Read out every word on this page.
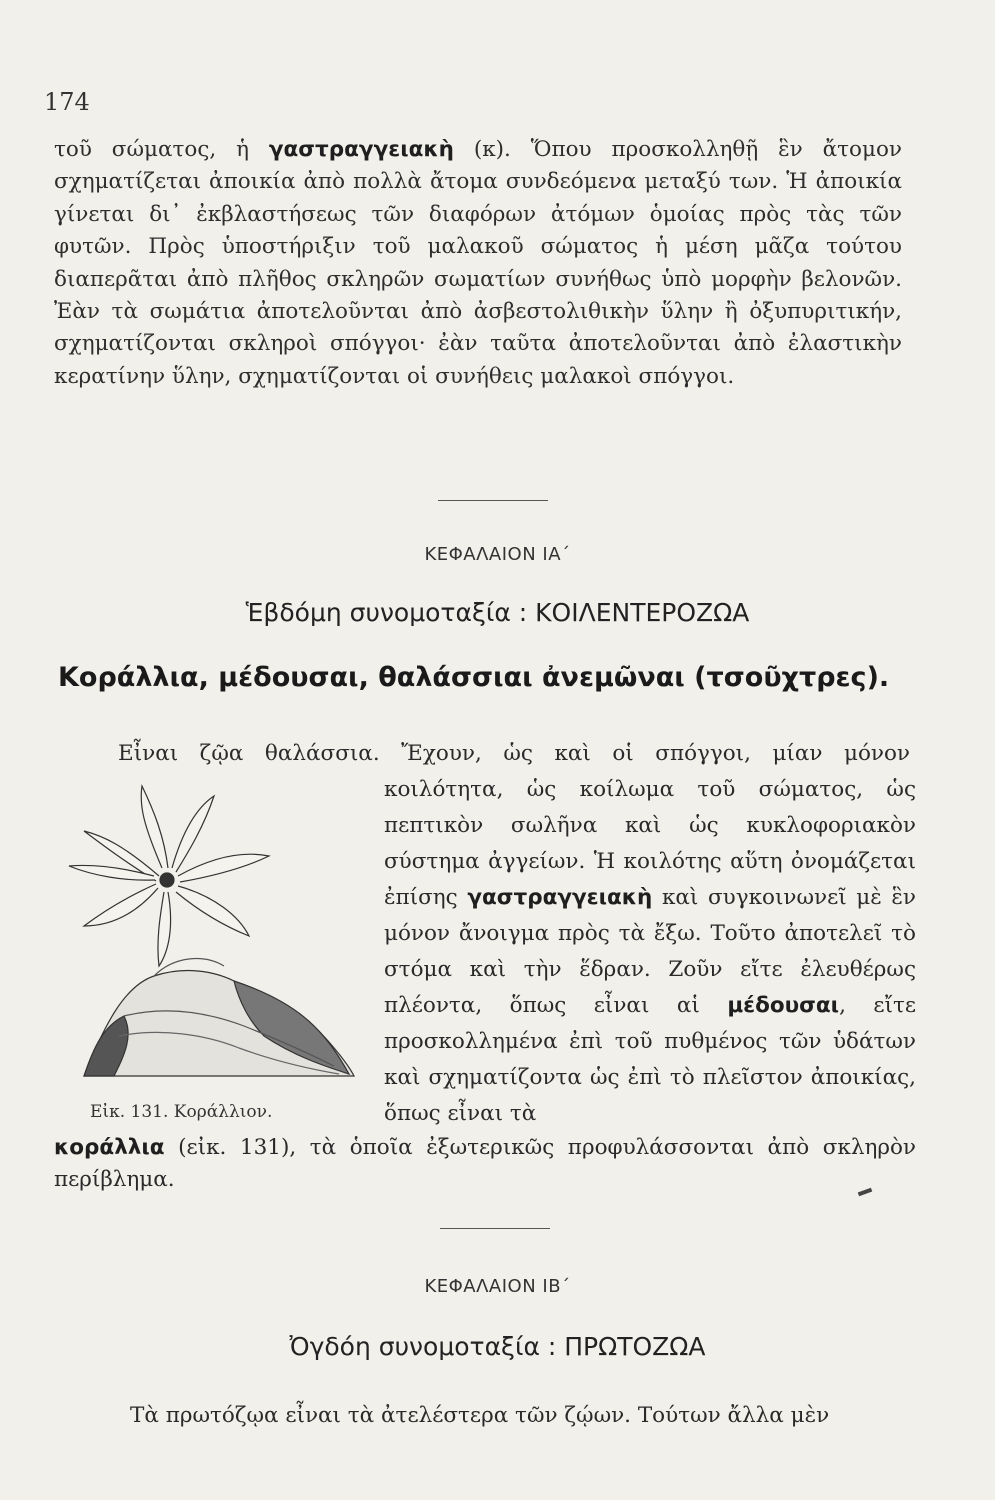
174
τοῦ σώματος, ἡ γαστραγγειακὴ (κ). Ὅπου προσκολληθῇ ἓν ἄτομον σχηματίζεται ἀποικία ἀπὸ πολλὰ ἄτομα συνδεόμενα μεταξύ των. Ἡ ἀποικία γίνεται δι᾽ ἐκβλαστήσεως τῶν διαφόρων ἀτόμων ὁμοίας πρὸς τὰς τῶν φυτῶν. Πρὸς ὑποστήριξιν τοῦ μαλακοῦ σώματος ἡ μέση μᾶζα τούτου διαπερᾶται ἀπὸ πλῆθος σκληρῶν σωματίων συνήθως ὑπὸ μορφὴν βελονῶν. Ἐὰν τὰ σωμάτια ἀποτελοῦνται ἀπὸ ἀσβεστολιθικὴν ὕλην ἢ ὀξυπυριτικήν, σχηματίζονται σκληροὶ σπόγγοι· ἐὰν ταῦτα ἀποτελοῦνται ἀπὸ ἐλαστικὴν κερατίνην ὕλην, σχηματίζονται οἱ συνήθεις μαλακοὶ σπόγγοι.
ΚΕΦΑΛΑΙΟΝ ΙΑ΄
Ἑβδόμη συνομοταξία : ΚΟΙΛΕΝΤΕΡΟΖΩΑ
Κοράλλια, μέδουσαι, θαλάσσιαι ἀνεμῶναι (τσοῦχτρες).
Εἶναι ζῷα θαλάσσια. Ἔχουν, ὡς καὶ οἱ σπόγγοι, μίαν μόνον
Εἰκ. 131. Κοράλλιον.
κοιλότητα, ὡς κοίλωμα τοῦ σώματος, ὡς πεπτικὸν σωλῆνα καὶ ὡς κυκλοφοριακὸν σύστημα ἀγγείων. Ἡ κοιλότης αὕτη ὀνομάζεται ἐπίσης γαστραγγειακὴ καὶ συγκοινωνεῖ μὲ ἓν μόνον ἄνοιγμα πρὸς τὰ ἔξω. Τοῦτο ἀποτελεῖ τὸ στόμα καὶ τὴν ἕδραν. Ζοῦν εἴτε ἐλευθέρως πλέοντα, ὅπως εἶναι αἱ μέδουσαι, εἴτε προσκολλημένα ἐπὶ τοῦ πυθμένος τῶν ὑδάτων καὶ σχηματίζοντα ὡς ἐπὶ τὸ πλεῖστον ἀποικίας, ὅπως εἶναι τὰ
κοράλλια (εἰκ. 131), τὰ ὁποῖα ἐξωτερικῶς προφυλάσσονται ἀπὸ σκληρὸν περίβλημα.
ΚΕΦΑΛΑΙΟΝ ΙΒ΄
Ὀγδόη συνομοταξία : ΠΡΩΤΟΖΩΑ
Τὰ πρωτόζῳα εἶναι τὰ ἀτελέστερα τῶν ζῴων. Τούτων ἄλλα μὲν
